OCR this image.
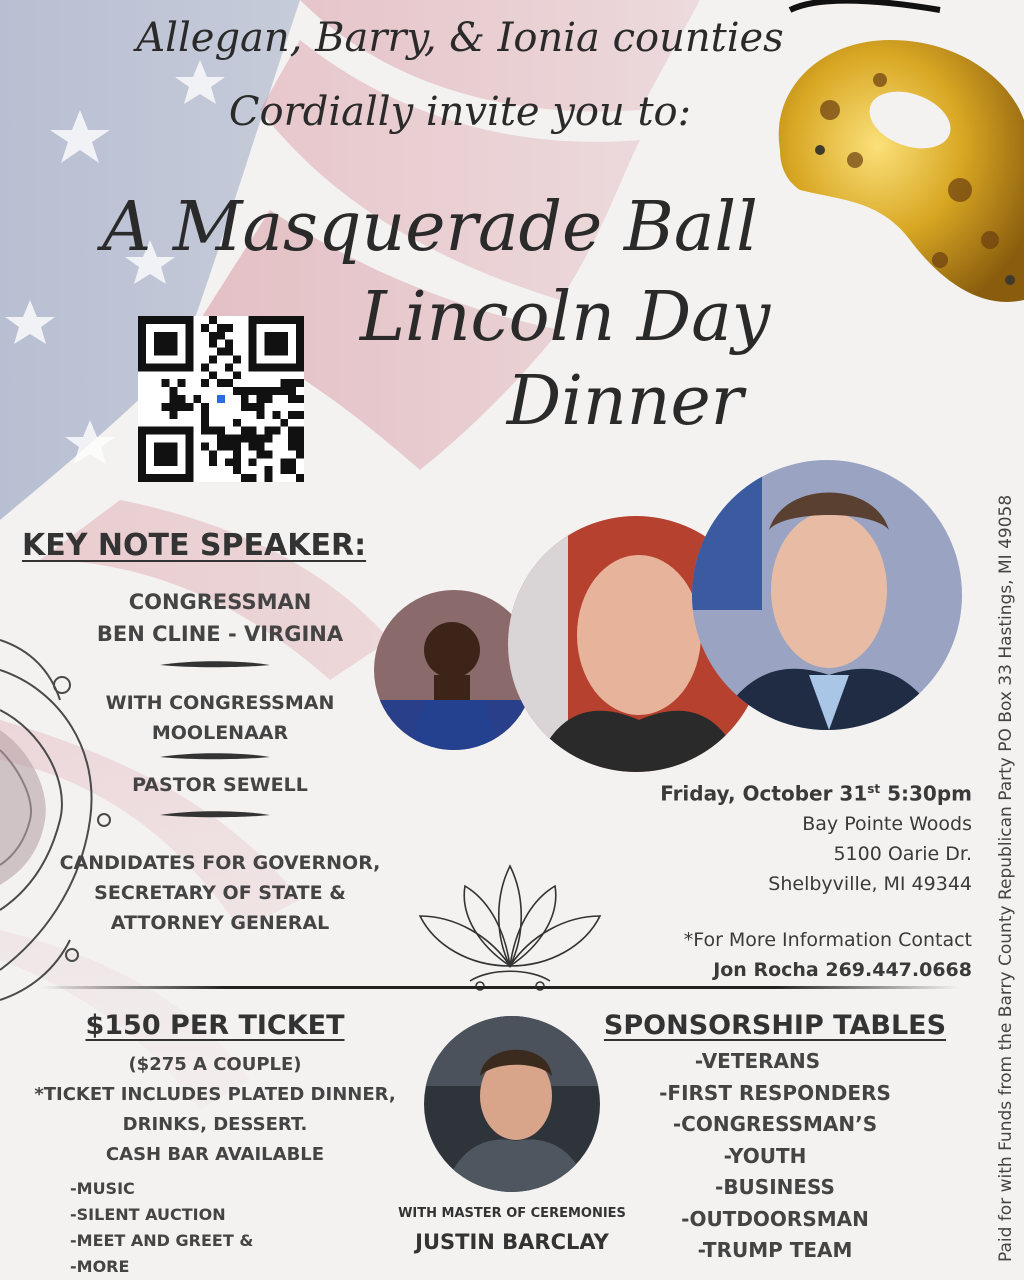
Allegan, Barry, & Ionia counties
Cordially invite you to:
A Masquerade Ball
Lincoln Day
Dinner
KEY NOTE SPEAKER:
CONGRESSMAN
BEN CLINE - VIRGINA
WITH CONGRESSMAN
MOOLENAAR
PASTOR SEWELL
CANDIDATES FOR GOVERNOR,
SECRETARY OF STATE &
ATTORNEY GENERAL
Friday, October 31st 5:30pm
Bay Pointe Woods
5100 Oarie Dr.
Shelbyville, MI 49344
*For More Information Contact
Jon Rocha 269.447.0668
$150 PER TICKET
($275 A COUPLE)
*TICKET INCLUDES PLATED DINNER,
DRINKS, DESSERT.
CASH BAR AVAILABLE
-MUSIC
-SILENT AUCTION
-MEET AND GREET &
-MORE
WITH MASTER OF CEREMONIES
JUSTIN BARCLAY
SPONSORSHIP TABLES
-VETERANS
-FIRST RESPONDERS
-CONGRESSMAN’S
-YOUTH
-BUSINESS
-OUTDOORSMAN
-TRUMP TEAM	Paid for with Funds from the Barry County Republican Party PO Box 33 Hastings, MI 49058
